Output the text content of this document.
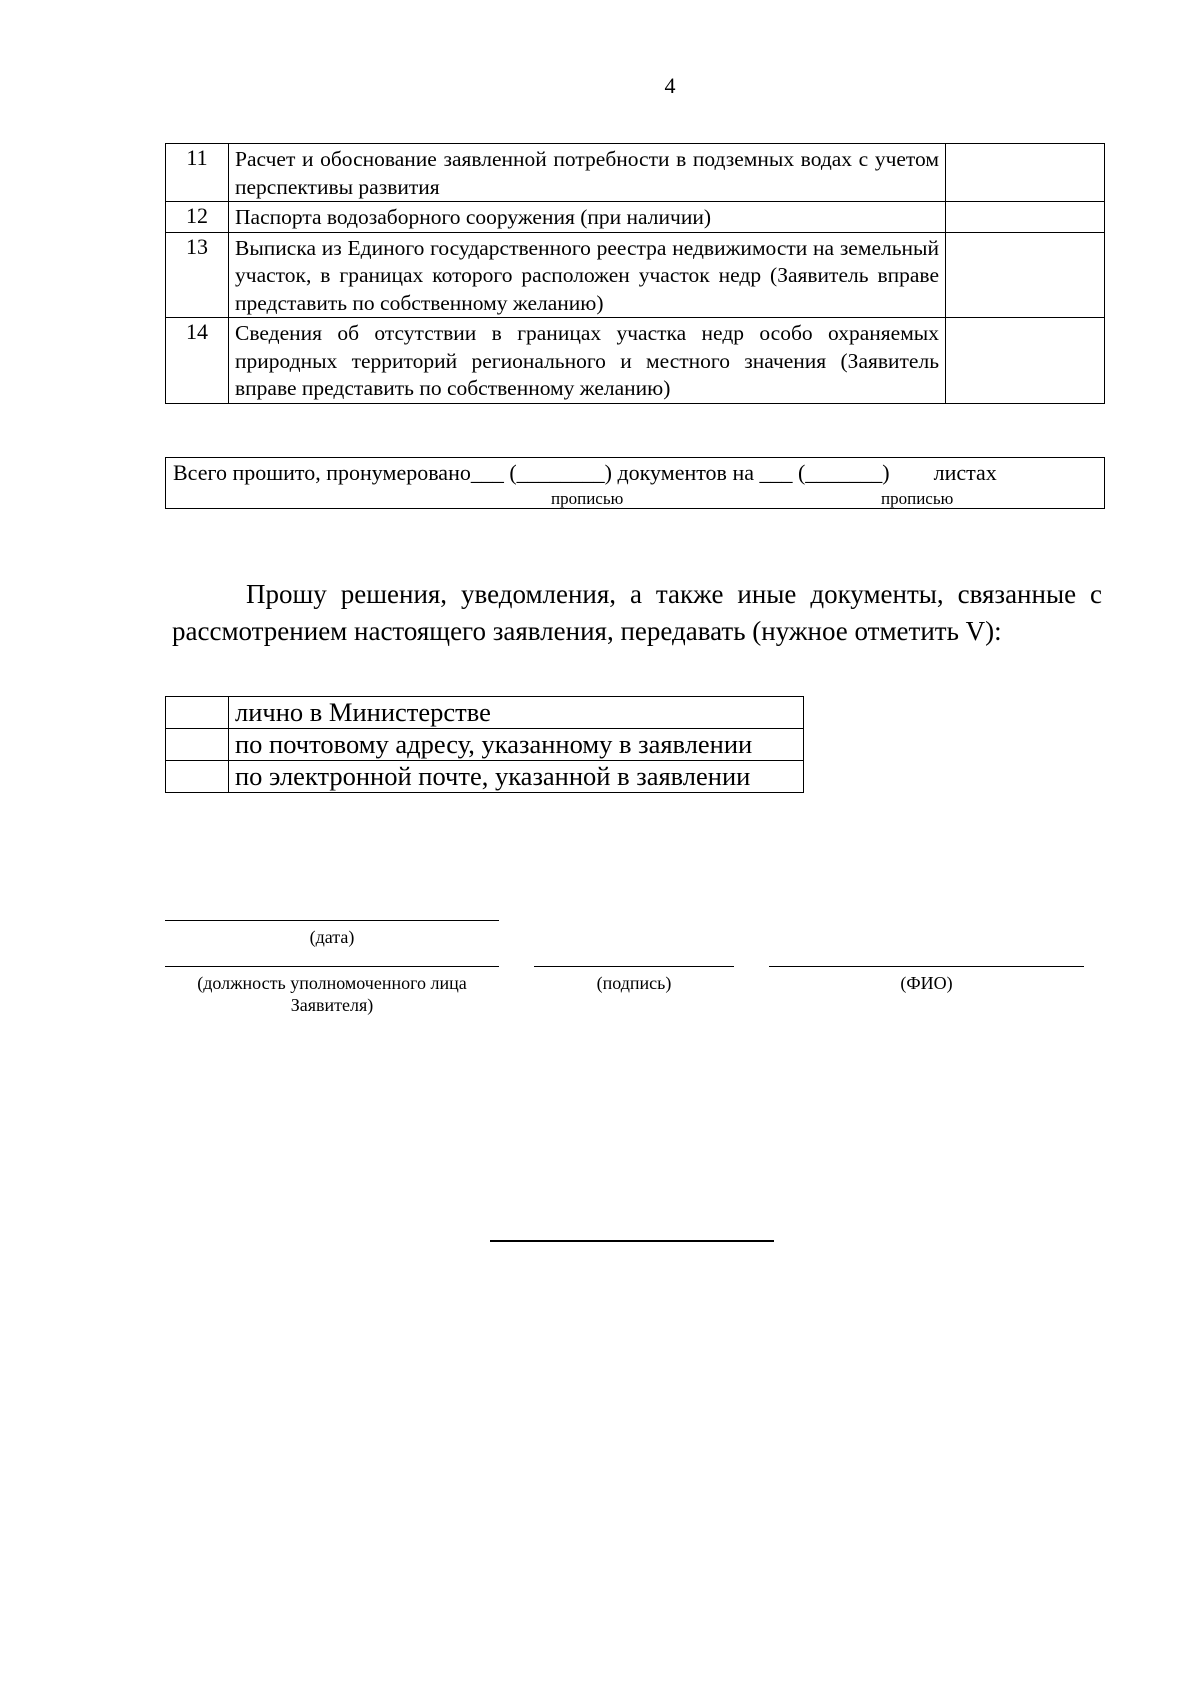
4
11	Расчет и обоснование заявленной потребности в подземных водах с учетом перспективы развития	
12	Паспорта водозаборного сооружения (при наличии)	
13	Выписка из Единого государственного реестра недвижимости на земельный участок, в границах которого расположен участок недр (Заявитель вправе представить по собственному желанию)	
14	Сведения об отсутствии в границах участка недр особо охраняемых природных территорий регионального и местного значения (Заявитель вправе представить по собственному желанию)	
Всего прошито, пронумеровано___ (________) документов на ___ (_______)        листах
прописью	прописью
Прошу решения, уведомления, а также иные документы, связанные с рассмотрением настоящего заявления, передавать (нужное отметить V):
	лично в Министерстве
	по почтовому адресу, указанному в заявлении
	по электронной почте, указанной в заявлении
(дата)
(должность уполномоченного лица
Заявителя)
(подпись)	(ФИО)
